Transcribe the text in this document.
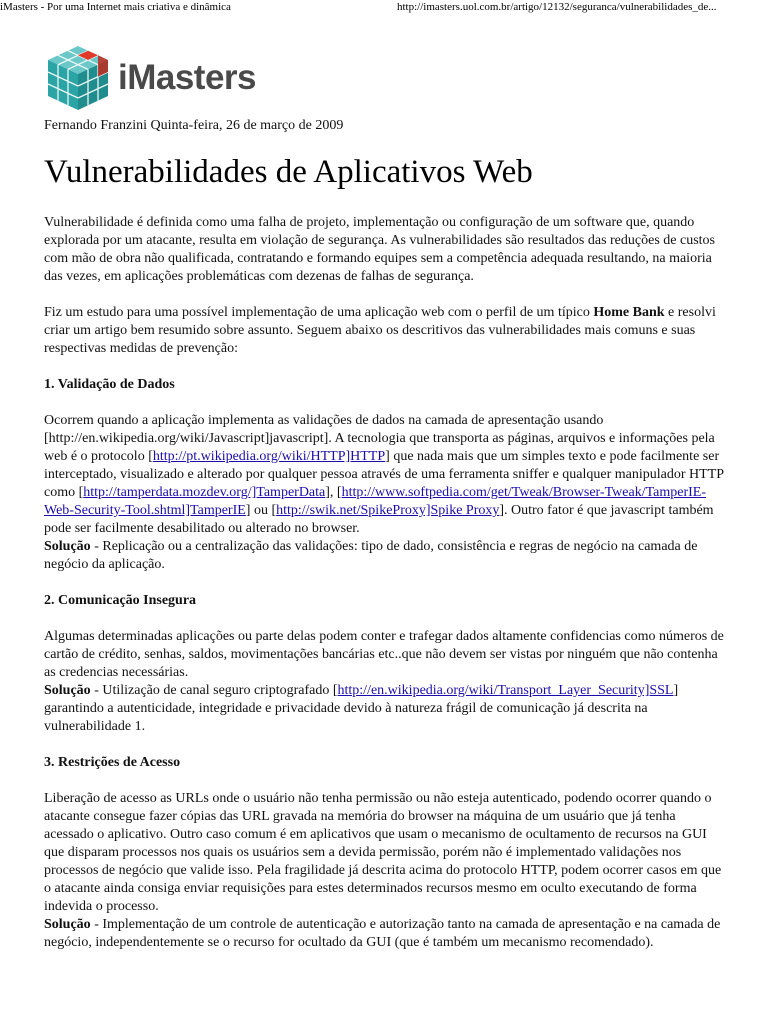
iMasters - Por uma Internet mais criativa e dinâmica	http://imasters.uol.com.br/artigo/12132/seguranca/vulnerabilidades_de...
iMasters

Fernando Franzini Quinta-feira, 26 de março de 2009

Vulnerabilidades de Aplicativos Web

Vulnerabilidade é definida como uma falha de projeto, implementação ou configuração de um software que, quando explorada por um atacante, resulta em violação de segurança. As vulnerabilidades são resultados das reduções de custos com mão de obra não qualificada, contratando e formando equipes sem a competência adequada resultando, na maioria das vezes, em aplicações problemáticas com dezenas de falhas de segurança.

Fiz um estudo para uma possível implementação de uma aplicação web com o perfil de um típico Home Bank e resolvi criar um artigo bem resumido sobre assunto. Seguem abaixo os descritivos das vulnerabilidades mais comuns e suas respectivas medidas de prevenção:

1. Validação de Dados

Ocorrem quando a aplicação implementa as validações de dados na camada de apresentação usando [http://en.wikipedia.org/wiki/Javascript]javascript]. A tecnologia que transporta as páginas, arquivos e informações pela web é o protocolo [http://pt.wikipedia.org/wiki/HTTP]HTTP] que nada mais que um simples texto e pode facilmente ser interceptado, visualizado e alterado por qualquer pessoa através de uma ferramenta sniffer e qualquer manipulador HTTP como [http://tamperdata.mozdev.org/]TamperData], [http://www.softpedia.com/get/Tweak/Browser-Tweak/TamperIE-Web-Security-Tool.shtml]TamperIE] ou [http://swik.net/SpikeProxy]Spike Proxy]. Outro fator é que javascript também pode ser facilmente desabilitado ou alterado no browser.
Solução - Replicação ou a centralização das validações: tipo de dado, consistência e regras de negócio na camada de negócio da aplicação.

2. Comunicação Insegura

Algumas determinadas aplicações ou parte delas podem conter e trafegar dados altamente confidencias como números de cartão de crédito, senhas, saldos, movimentações bancárias etc..que não devem ser vistas por ninguém que não contenha as credencias necessárias.
Solução - Utilização de canal seguro criptografado [http://en.wikipedia.org/wiki/Transport_Layer_Security]SSL] garantindo a autenticidade, integridade e privacidade devido à natureza frágil de comunicação já descrita na vulnerabilidade 1.

3. Restrições de Acesso

Liberação de acesso as URLs onde o usuário não tenha permissão ou não esteja autenticado, podendo ocorrer quando o atacante consegue fazer cópias das URL gravada na memória do browser na máquina de um usuário que já tenha acessado o aplicativo. Outro caso comum é em aplicativos que usam o mecanismo de ocultamento de recursos na GUI que disparam processos nos quais os usuários sem a devida permissão, porém não é implementado validações nos processos de negócio que valide isso. Pela fragilidade já descrita acima do protocolo HTTP, podem ocorrer casos em que o atacante ainda consiga enviar requisições para estes determinados recursos mesmo em oculto executando de forma indevida o processo.
Solução - Implementação de um controle de autenticação e autorização tanto na camada de apresentação e na camada de negócio, independentemente se o recurso for ocultado da GUI (que é também um mecanismo recomendado).
